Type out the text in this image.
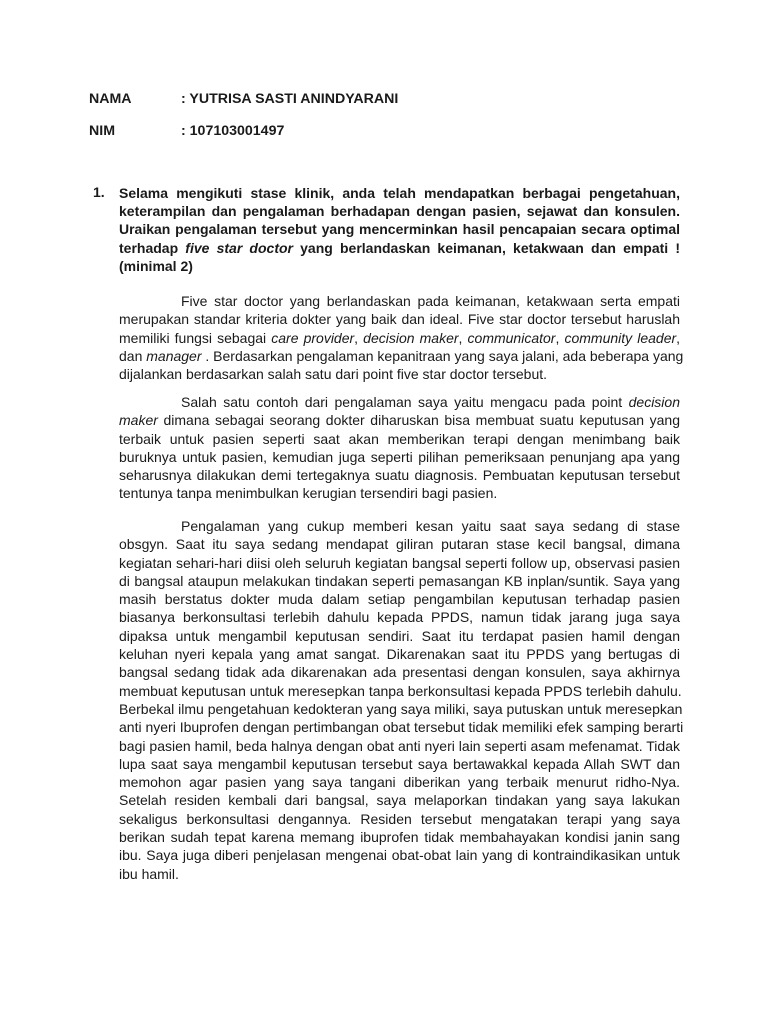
NAMA	: YUTRISA SASTI ANINDYARANI
NIM	: 107103001497
1. Selama mengikuti stase klinik, anda telah mendapatkan berbagai pengetahuan,
keterampilan dan pengalaman berhadapan dengan pasien, sejawat dan konsulen.
Uraikan pengalaman tersebut yang mencerminkan hasil pencapaian secara optimal
terhadap five star doctor yang berlandaskan keimanan, ketakwaan dan empati !
(minimal 2)
Five star doctor yang berlandaskan pada keimanan, ketakwaan serta empati
merupakan standar kriteria dokter yang baik dan ideal. Five star doctor tersebut haruslah
memiliki fungsi sebagai care provider, decision maker, communicator, community leader,
dan manager . Berdasarkan pengalaman kepanitraan yang saya jalani, ada beberapa yang
dijalankan berdasarkan salah satu dari point five star doctor tersebut.
Salah satu contoh dari pengalaman saya yaitu mengacu pada point decision
maker dimana sebagai seorang dokter diharuskan bisa membuat suatu keputusan yang
terbaik untuk pasien seperti saat akan memberikan terapi dengan menimbang baik
buruknya untuk pasien, kemudian juga seperti pilihan pemeriksaan penunjang apa yang
seharusnya dilakukan demi tertegaknya suatu diagnosis. Pembuatan keputusan tersebut
tentunya tanpa menimbulkan kerugian tersendiri bagi pasien.
Pengalaman yang cukup memberi kesan yaitu saat saya sedang di stase
obsgyn. Saat itu saya sedang mendapat giliran putaran stase kecil bangsal, dimana
kegiatan sehari-hari diisi oleh seluruh kegiatan bangsal seperti follow up, observasi pasien
di bangsal ataupun melakukan tindakan seperti pemasangan KB inplan/suntik. Saya yang
masih berstatus dokter muda dalam setiap pengambilan keputusan terhadap pasien
biasanya berkonsultasi terlebih dahulu kepada PPDS, namun tidak jarang juga saya
dipaksa untuk mengambil keputusan sendiri. Saat itu terdapat pasien hamil dengan
keluhan nyeri kepala yang amat sangat. Dikarenakan saat itu PPDS yang bertugas di
bangsal sedang tidak ada dikarenakan ada presentasi dengan konsulen, saya akhirnya
membuat keputusan untuk meresepkan tanpa berkonsultasi kepada PPDS terlebih dahulu.
Berbekal ilmu pengetahuan kedokteran yang saya miliki, saya putuskan untuk meresepkan
anti nyeri Ibuprofen dengan pertimbangan obat tersebut tidak memiliki efek samping berarti
bagi pasien hamil, beda halnya dengan obat anti nyeri lain seperti asam mefenamat. Tidak
lupa saat saya mengambil keputusan tersebut saya bertawakkal kepada Allah SWT dan
memohon agar pasien yang saya tangani diberikan yang terbaik menurut ridho-Nya.
Setelah residen kembali dari bangsal, saya melaporkan tindakan yang saya lakukan
sekaligus berkonsultasi dengannya. Residen tersebut mengatakan terapi yang saya
berikan sudah tepat karena memang ibuprofen tidak membahayakan kondisi janin sang
ibu. Saya juga diberi penjelasan mengenai obat-obat lain yang di kontraindikasikan untuk
ibu hamil.
